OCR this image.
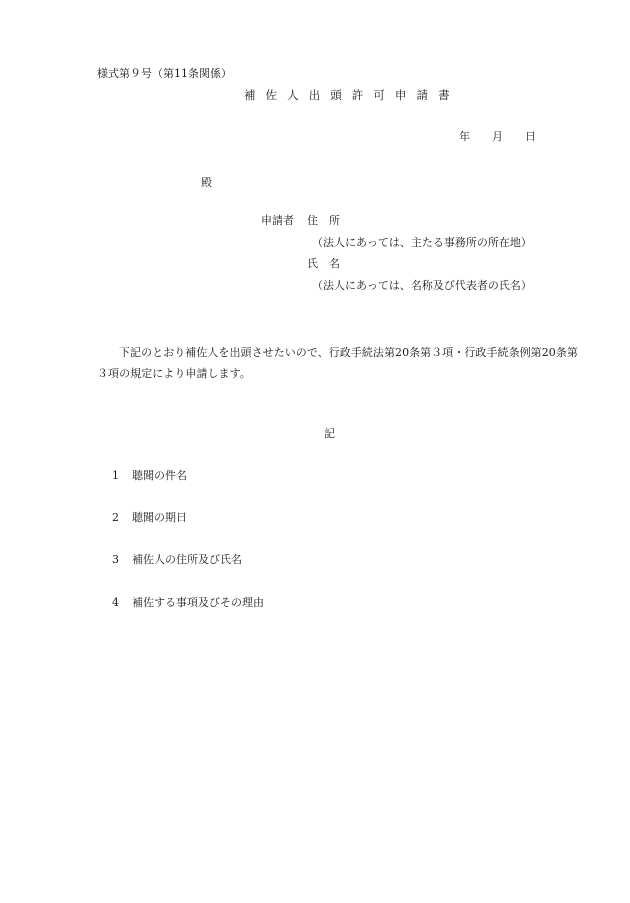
様式第９号（第11条関係）
補 佐 人 出 頭 許 可 申 請 書
年 月 日
殿
申請者 住　所
（法人にあっては、主たる事務所の所在地）
氏　名
（法人にあっては、名称及び代表者の氏名）
下記のとおり補佐人を出頭させたいので、行政手続法第20条第３項・行政手続条例第20条第３項の規定により申請します。
記
1 聴聞の件名
2 聴聞の期日
3 補佐人の住所及び氏名
4 補佐する事項及びその理由
